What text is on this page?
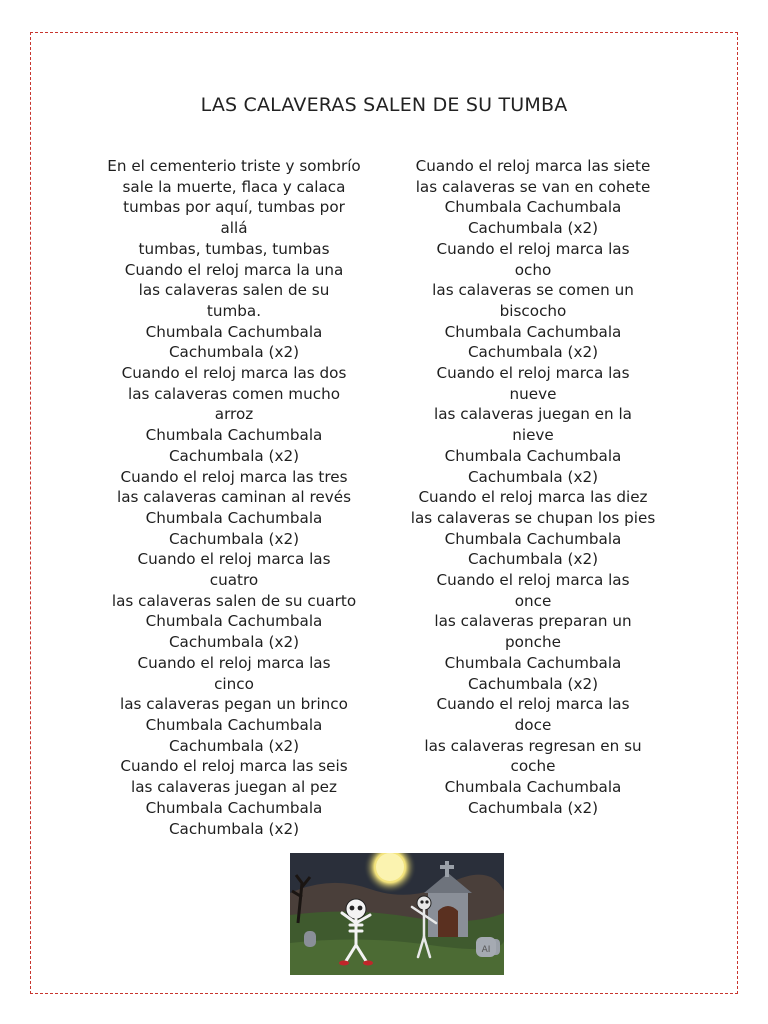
LAS CALAVERAS SALEN DE SU TUMBA
En el cementerio triste y sombrío
sale la muerte, flaca y calaca
tumbas por aquí, tumbas por
allá
tumbas, tumbas, tumbas
Cuando el reloj marca la una
las calaveras salen de su
tumba.
Chumbala Cachumbala
Cachumbala (x2)
Cuando el reloj marca las dos
las calaveras comen mucho
arroz
Chumbala Cachumbala
Cachumbala (x2)
Cuando el reloj marca las tres
las calaveras caminan al revés
Chumbala Cachumbala
Cachumbala (x2)
Cuando el reloj marca las
cuatro
las calaveras salen de su cuarto
Chumbala Cachumbala
Cachumbala (x2)
Cuando el reloj marca las
cinco
las calaveras pegan un brinco
Chumbala Cachumbala
Cachumbala (x2)
Cuando el reloj marca las seis
las calaveras juegan al pez
Chumbala Cachumbala
Cachumbala (x2)
Cuando el reloj marca las siete
las calaveras se van en cohete
Chumbala Cachumbala
Cachumbala (x2)
Cuando el reloj marca las
ocho
las calaveras se comen un
biscocho
Chumbala Cachumbala
Cachumbala (x2)
Cuando el reloj marca las
nueve
las calaveras juegan en la
nieve
Chumbala Cachumbala
Cachumbala (x2)
Cuando el reloj marca las diez
las calaveras se chupan los pies
Chumbala Cachumbala
Cachumbala (x2)
Cuando el reloj marca las
once
las calaveras preparan un
ponche
Chumbala Cachumbala
Cachumbala (x2)
Cuando el reloj marca las
doce
las calaveras regresan en su
coche
Chumbala Cachumbala
Cachumbala (x2)
AI
